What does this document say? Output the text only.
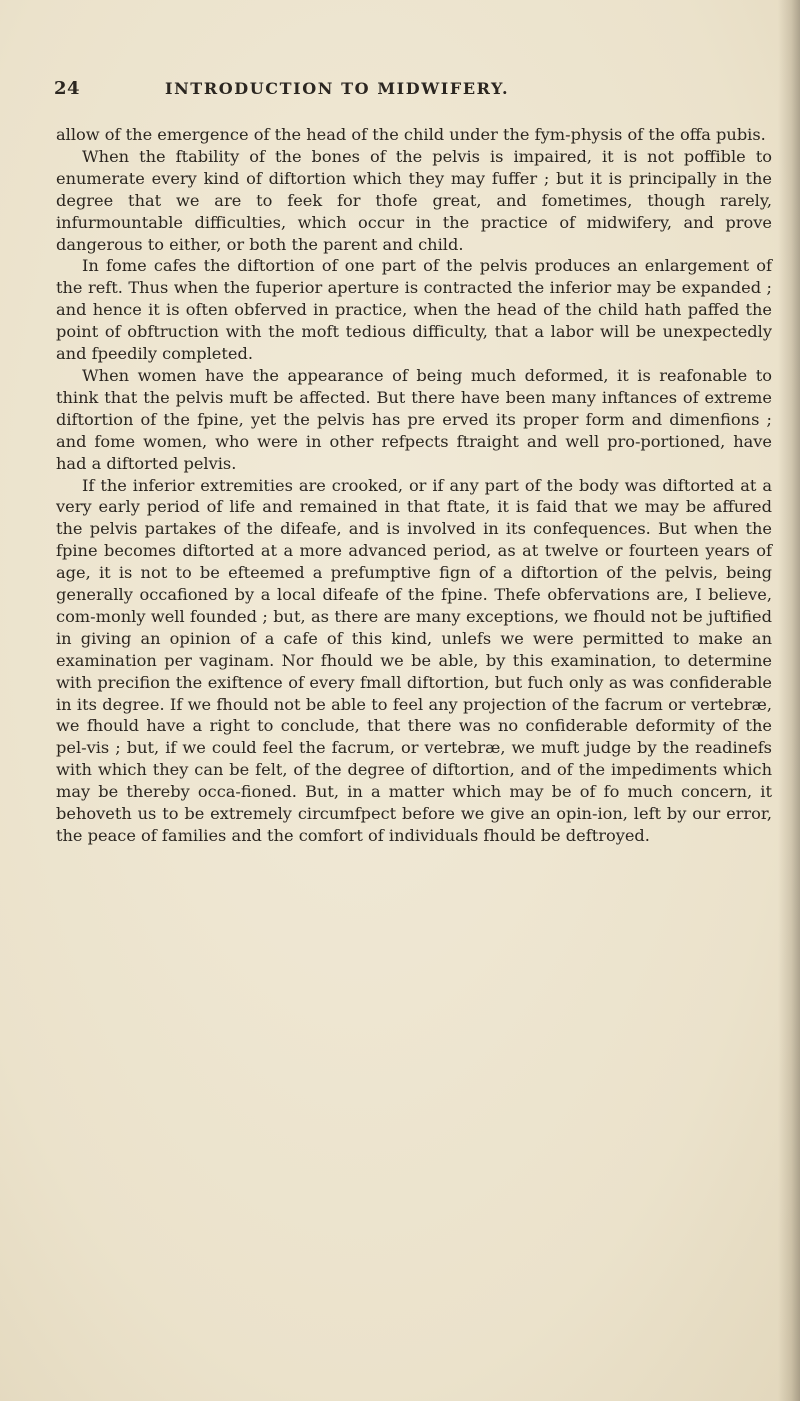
24	INTRODUCTION TO MIDWIFERY.

allow of the emergence of the head of the child under the fym-physis of the offa pubis.

When the ftability of the bones of the pelvis is impaired, it is not poffible to enumerate every kind of diftortion which they may fuffer ; but it is principally in the degree that we are to feek for thofe great, and fometimes, though rarely, infurmountable difficulties, which occur in the practice of midwifery, and prove dangerous to either, or both the parent and child.

In fome cafes the diftortion of one part of the pelvis produces an enlargement of the reft. Thus when the fuperior aperture is contracted the inferior may be expanded ; and hence it is often obferved in practice, when the head of the child hath paffed the point of obftruction with the moft tedious difficulty, that a labor will be unexpectedly and fpeedily completed.

When women have the appearance of being much deformed, it is reafonable to think that the pelvis muft be affected. But there have been many inftances of extreme diftortion of the fpine, yet the pelvis has pre erved its proper form and dimenfions ; and fome women, who were in other refpects ftraight and well pro-portioned, have had a diftorted pelvis.

If the inferior extremities are crooked, or if any part of the body was diftorted at a very early period of life and remained in that ftate, it is faid that we may be affured the pelvis partakes of the difeafe, and is involved in its confequences. But when the fpine becomes diftorted at a more advanced period, as at twelve or fourteen years of age, it is not to be efteemed a prefumptive fign of a diftortion of the pelvis, being generally occafioned by a local difeafe of the fpine. Thefe obfervations are, I believe, com-monly well founded ; but, as there are many exceptions, we fhould not be juftified in giving an opinion of a cafe of this kind, unlefs we were permitted to make an examination per vaginam. Nor fhould we be able, by this examination, to determine with precifion the exiftence of every fmall diftortion, but fuch only as was confiderable in its degree. If we fhould not be able to feel any projection of the facrum or vertebræ, we fhould have a right to conclude, that there was no confiderable deformity of the pel-vis ; but, if we could feel the facrum, or vertebræ, we muft judge by the readinefs with which they can be felt, of the degree of diftortion, and of the impediments which may be thereby occa-fioned. But, in a matter which may be of fo much concern, it behoveth us to be extremely circumfpect before we give an opin-ion, left by our error, the peace of families and the comfort of individuals fhould be deftroyed.
